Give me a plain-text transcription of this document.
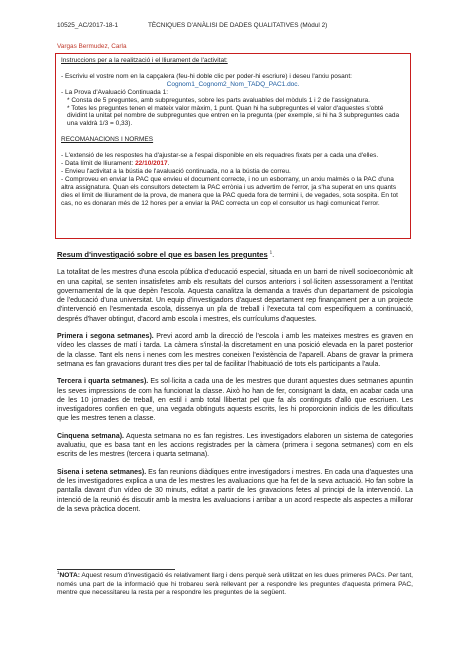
10525_AC/2017-18-1	TÈCNIQUES D'ANÀLISI DE DADES QUALITATIVES (Mòdul 2)
Vargas Bermudez, Carla

Instruccions per a la realització i el lliurament de l'activitat:

- Escriviu el vostre nom en la capçalera (feu-hi doble clic per poder-hi escriure) i deseu l'arxiu posant:

Cognom1_Cognom2_Nom_TADQ_PAC1.doc.

- La Prova d'Avaluació Continuada 1:

* Consta de 5 preguntes, amb subpreguntes, sobre les parts avaluables del mòduls 1 i 2 de l'assignatura.

* Totes les preguntes tenen el mateix valor màxim, 1 punt. Quan hi ha subpreguntes el valor d'aquestes s'obté dividint la unitat pel nombre de subpreguntes que entren en la pregunta (per exemple, si hi ha 3 subpreguntes cada una valdrà 1/3 = 0,33).

RECOMANACIONS I NORMES

- L'extensió de les respostes ha d'ajustar-se a l'espai disponible en els requadres fixats per a cada una d'elles.

- Data límit de lliurament: 22/10/2017.

- Envieu l'activitat a la bústia de l'avaluació continuada, no a la bústia de correu.

- Comproveu en enviar la PAC que envieu el document correcte, i no un esborrany, un arxiu malmès o la PAC d'una altra assignatura. Quan els consultors detectem la PAC errònia i us advertim de l'error, ja s'ha superat en uns quants dies el límit de lliurament de la prova, de manera que la PAC queda fora de termini i, de vegades, sota sospita. En tot cas, no es donaran més de 12 hores per a enviar la PAC correcta un cop el consultor us hagi comunicat l'error.

Resum d'investigació sobre el que es basen les preguntes $^1$.

La totalitat de les mestres d'una escola pública d'educació especial, situada en un barri de nivell socioeconòmic alt en una capital, se senten insatisfetes amb els resultats del cursos anteriors i sol·liciten assessorament a l'entitat governamental de la que depèn l'escola. Aquesta canalitza la demanda a través d'un departament de psicologia de l'educació d'una universitat. Un equip d'investigadors d'aquest departament rep finançament per a un projecte d'intervenció en l'esmentada escola, dissenya un pla de treball i l'executa tal com especifiquem a continuació, després d'haver obtingut, d'acord amb escola i mestres, els currículums d'aquestes.

Primera i segona setmanes). Previ acord amb la direcció de l'escola i amb les mateixes mestres es graven en vídeo les classes de matí i tarda. La càmera s'instal·la discretament en una posició elevada en la paret posterior de la classe. Tant els nens i nenes com les mestres coneixen l'existència de l'aparell. Abans de gravar la primera setmana es fan gravacions durant tres dies per tal de facilitar l'habituació de tots els participants a l'aula.

Tercera i quarta setmanes). Es sol·licita a cada una de les mestres que durant aquestes dues setmanes apuntin les seves impressions de com ha funcionat la classe. Això ho han de fer, consignant la data, en acabar cada una de les 10 jornades de treball, en estil i amb total llibertat pel que fa als continguts d'allò que escriuen. Les investigadores confien en que, una vegada obtinguts aquests escrits, les hi proporcionin indicis de les dificultats que les mestres tenen a classe.

Cinquena setmana). Aquesta setmana no es fan registres. Les investigadors elaboren un sistema de categories avaluatiu, que es basa tant en les accions registrades per la càmera (primera i segona setmanes) com en els escrits de les mestres (tercera i quarta setmana).

Sisena i setena setmanes). Es fan reunions diàdiques entre investigadors i mestres. En cada una d'aquestes una de les investigadores explica a una de les mestres les avaluacions que ha fet de la seva actuació. Ho fan sobre la pantalla davant d'un vídeo de 30 minuts, editat a partir de les gravacions fetes al principi de la intervenció. La intenció de la reunió és discutir amb la mestra les avaluacions i arribar a un acord respecte als aspectes a millorar de la seva pràctica docent.

$^1$NOTA: Aquest resum d'investigació és relativament llarg i dens perquè serà utilitzat en les dues primeres PACs. Per tant, només una part de la informació que hi trobareu serà rellevant per a respondre les preguntes d'aquesta primera PAC, mentre que necessitareu la resta per a respondre les preguntes de la següent.
